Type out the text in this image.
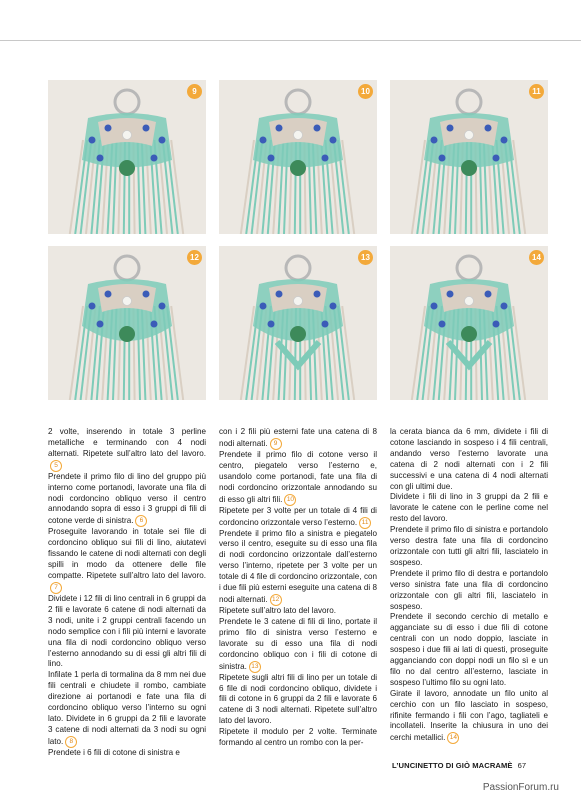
9	10	11
12	13	14

2 volte, inserendo in totale 3 perline metalliche e terminando con 4 nodi alternati. Ripetete sull’altro lato del lavoro.5

Prendete il primo filo di lino del gruppo più interno come portanodi, lavorate una fila di nodi cordoncino obliquo verso il centro annodando sopra di esso i 3 gruppi di fili di cotone verde di sinistra. 6

Proseguite lavorando in totale sei file di cordoncino obliquo sui fili di lino, aiutatevi fissando le catene di nodi alternati con degli spilli in modo da ottenere delle file compatte. Ripetete sull’altro lato del lavoro.7

Dividete i 12 fili di lino centrali in 6 gruppi da 2 fili e lavorate 6 catene di nodi alternati da 3 nodi, unite i 2 gruppi centrali facendo un nodo semplice con i fili più interni e lavorate una fila di nodi cordoncino obliquo verso l’esterno annodando su di essi gli altri fili di lino.

Infilate 1 perla di tormalina da 8 mm nei due fili centrali e chiudete il rombo, cambiate direzione ai portanodi e fate una fila di cordoncino obliquo verso l’interno su ogni lato. Dividete in 6 gruppi da 2 fili e lavorate 3 catene di nodi alternati da 3 nodi su ogni lato. 8

Prendete i 6 fili di cotone di sinistra e

con i 2 fili più esterni fate una catena di 8 nodi alternati. 9

Prendete il primo filo di cotone verso il centro, piegatelo verso l’esterno e, usandolo come portanodi, fate una fila di nodi cordoncino orizzontale annodando su di esso gli altri fili. 10

Ripetete per 3 volte per un totale di 4 fili di cordoncino orizzontale verso l’esterno. 11

Prendete il primo filo a sinistra e piegatelo verso il centro, eseguite su di esso una fila di nodi cordoncino orizzontale dall’esterno verso l’interno, ripetete per 3 volte per un totale di 4 file di cordoncino orizzontale, con i due fili più esterni eseguite una catena di 8 nodi alternati. 12

Ripetete sull’altro lato del lavoro.

Prendete le 3 catene di fili di lino, portate il primo filo di sinistra verso l’esterno e lavorate su di esso una fila di nodi cordoncino obliquo con i fili di cotone di sinistra. 13

Ripetete sugli altri fili di lino per un totale di 6 file di nodi cordoncino obliquo, dividete i fili di cotone in 6 gruppi da 2 fili e lavorate 6 catene di 3 nodi alternati. Ripetete sull’altro lato del lavoro.

Ripetete il modulo per 2 volte. Terminate formando al centro un rombo con la per-

la cerata bianca da 6 mm, dividete i fili di cotone lasciando in sospeso i 4 fili centrali, andando verso l’esterno lavorate una catena di 2 nodi alternati con i 2 fili successivi e una catena di 4 nodi alternati con gli ultimi due.

Dividete i fili di lino in 3 gruppi da 2 fili e lavorate le catene con le perline come nel resto del lavoro.

Prendete il primo filo di sinistra e portandolo verso destra fate una fila di cordoncino orizzontale con tutti gli altri fili, lasciatelo in sospeso.

Prendete il primo filo di destra e portandolo verso sinistra fate una fila di cordoncino orizzontale con gli altri fili, lasciatelo in sospeso.

Prendete il secondo cerchio di metallo e agganciate su di esso i due fili di cotone centrali con un nodo doppio, lasciate in sospeso i due fili ai lati di questi, proseguite agganciando con doppi nodi un filo sì e un filo no dal centro all’esterno, lasciate in sospeso l’ultimo filo su ogni lato.

Girate il lavoro, annodate un filo unito al cerchio con un filo lasciato in sospeso, rifinite fermando i fili con l’ago, tagliateli e incollateli. Inserite la chiusura in uno dei cerchi metallici. 14

L’UNCINETTO DI GIÒ MACRAMÈ 67
PassionForum.ru
